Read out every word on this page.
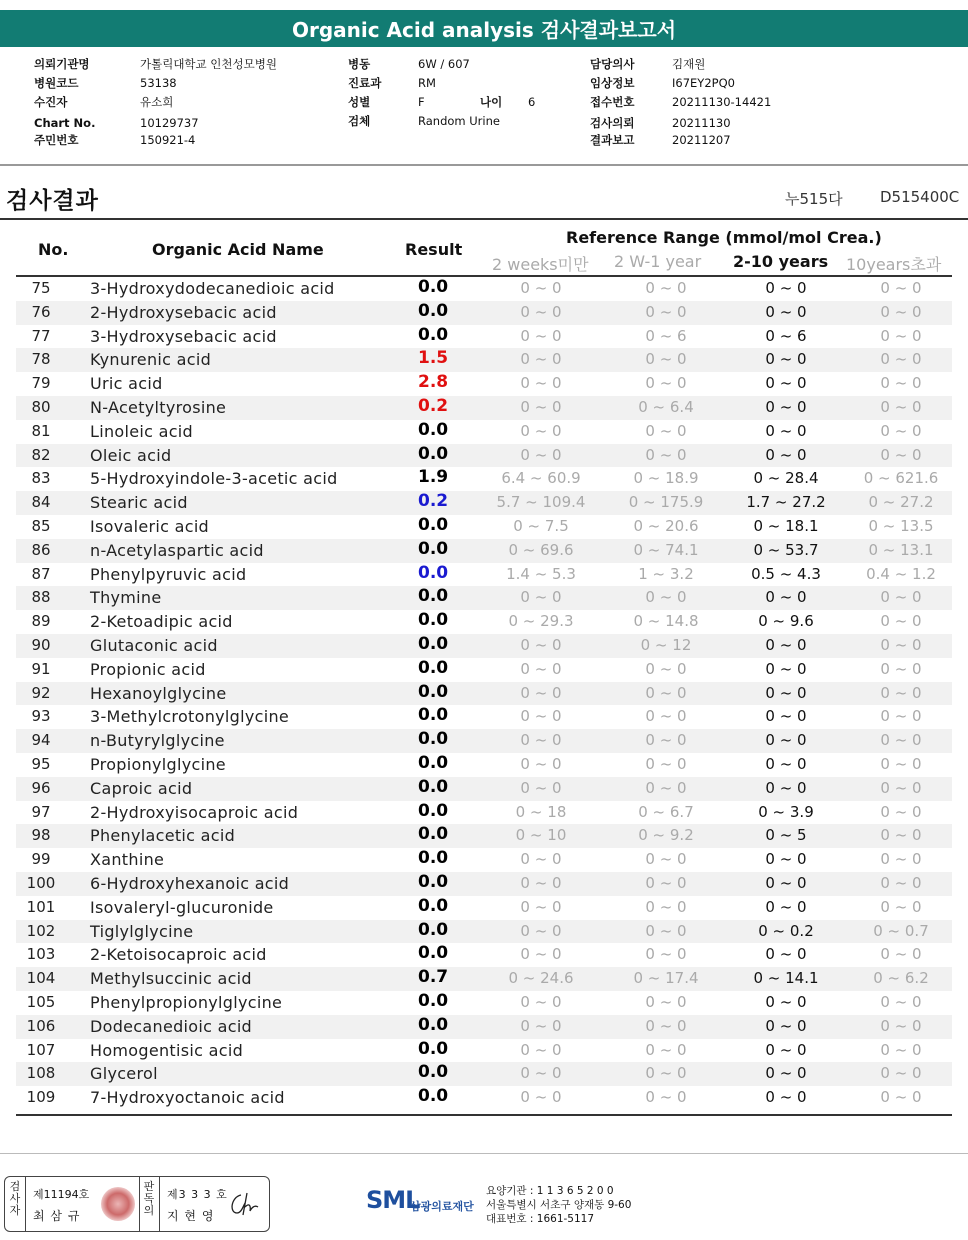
Organic Acid analysis 검사결과보고서
의뢰기관명	가톨릭대학교 인천성모병원
병원코드	53138
수진자	유소희
Chart No.	10129737
주민번호	150921-4
병동	6W / 607
진료과	RM
성별	F	나이 6
검체	Random Urine
담당의사	김재원
임상정보	I67EY2PQ0
접수번호	20211130-14421
검사의뢰	20211130
결과보고	20211207
검사결과	누515다 D515400C
No.	Organic Acid Name	Result
Reference Range (mmol/mol Crea.)
2 weeks미만 2 W-1 year 2-10 years 10years초과
75	3-Hydroxydodecanedioic acid	0.0	0 ~ 0	0 ~ 0	0 ~ 0	0 ~ 0
76	2-Hydroxysebacic acid	0.0	0 ~ 0	0 ~ 0	0 ~ 0	0 ~ 0
77	3-Hydroxysebacic acid	0.0	0 ~ 0	0 ~ 6	0 ~ 6	0 ~ 0
78	Kynurenic acid	1.5	0 ~ 0	0 ~ 0	0 ~ 0	0 ~ 0
79	Uric acid	2.8	0 ~ 0	0 ~ 0	0 ~ 0	0 ~ 0
80	N-Acetyltyrosine	0.2	0 ~ 0	0 ~ 6.4	0 ~ 0	0 ~ 0
81	Linoleic acid	0.0	0 ~ 0	0 ~ 0	0 ~ 0	0 ~ 0
82	Oleic acid	0.0	0 ~ 0	0 ~ 0	0 ~ 0	0 ~ 0
83	5-Hydroxyindole-3-acetic acid	1.9	6.4 ~ 60.9	0 ~ 18.9	0 ~ 28.4	0 ~ 621.6
84	Stearic acid	0.2	5.7 ~ 109.4	0 ~ 175.9	1.7 ~ 27.2	0 ~ 27.2
85	Isovaleric acid	0.0	0 ~ 7.5	0 ~ 20.6	0 ~ 18.1	0 ~ 13.5
86	n-Acetylaspartic acid	0.0	0 ~ 69.6	0 ~ 74.1	0 ~ 53.7	0 ~ 13.1
87	Phenylpyruvic acid	0.0	1.4 ~ 5.3	1 ~ 3.2	0.5 ~ 4.3	0.4 ~ 1.2
88	Thymine	0.0	0 ~ 0	0 ~ 0	0 ~ 0	0 ~ 0
89	2-Ketoadipic acid	0.0	0 ~ 29.3	0 ~ 14.8	0 ~ 9.6	0 ~ 0
90	Glutaconic acid	0.0	0 ~ 0	0 ~ 12	0 ~ 0	0 ~ 0
91	Propionic acid	0.0	0 ~ 0	0 ~ 0	0 ~ 0	0 ~ 0
92	Hexanoylglycine	0.0	0 ~ 0	0 ~ 0	0 ~ 0	0 ~ 0
93	3-Methylcrotonylglycine	0.0	0 ~ 0	0 ~ 0	0 ~ 0	0 ~ 0
94	n-Butyrylglycine	0.0	0 ~ 0	0 ~ 0	0 ~ 0	0 ~ 0
95	Propionylglycine	0.0	0 ~ 0	0 ~ 0	0 ~ 0	0 ~ 0
96	Caproic acid	0.0	0 ~ 0	0 ~ 0	0 ~ 0	0 ~ 0
97	2-Hydroxyisocaproic acid	0.0	0 ~ 18	0 ~ 6.7	0 ~ 3.9	0 ~ 0
98	Phenylacetic acid	0.0	0 ~ 10	0 ~ 9.2	0 ~ 5	0 ~ 0
99	Xanthine	0.0	0 ~ 0	0 ~ 0	0 ~ 0	0 ~ 0
100	6-Hydroxyhexanoic acid	0.0	0 ~ 0	0 ~ 0	0 ~ 0	0 ~ 0
101	Isovaleryl-glucuronide	0.0	0 ~ 0	0 ~ 0	0 ~ 0	0 ~ 0
102	Tiglylglycine	0.0	0 ~ 0	0 ~ 0	0 ~ 0.2	0 ~ 0.7
103	2-Ketoisocaproic acid	0.0	0 ~ 0	0 ~ 0	0 ~ 0	0 ~ 0
104	Methylsuccinic acid	0.7	0 ~ 24.6	0 ~ 17.4	0 ~ 14.1	0 ~ 6.2
105	Phenylpropionylglycine	0.0	0 ~ 0	0 ~ 0	0 ~ 0	0 ~ 0
106	Dodecanedioic acid	0.0	0 ~ 0	0 ~ 0	0 ~ 0	0 ~ 0
107	Homogentisic acid	0.0	0 ~ 0	0 ~ 0	0 ~ 0	0 ~ 0
108	Glycerol	0.0	0 ~ 0	0 ~ 0	0 ~ 0	0 ~ 0
109	7-Hydroxyoctanoic acid	0.0	0 ~ 0	0 ~ 0	0 ~ 0	0 ~ 0
검사자
제11194호
최 삼 규
판독의
제3 3 3 호
지 현 영
SML
삼광의료재단
요양기관 : 1 1 3 6 5 2 0 0
서울특별시 서초구 양재동 9-60
대표번호 : 1661-5117
